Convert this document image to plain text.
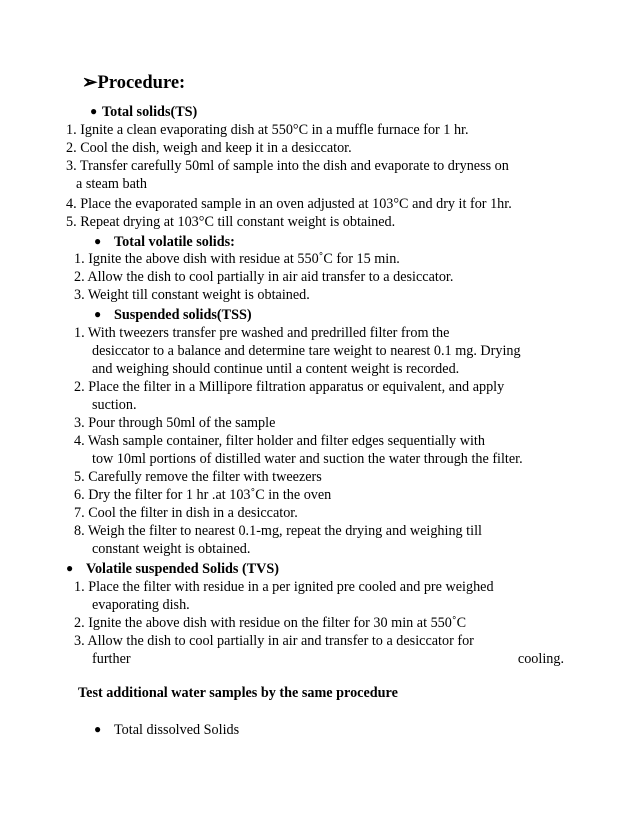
➢Procedure:
● Total solids(TS)
1. Ignite a clean evaporating dish at 550°C in a muffle furnace for 1 hr.
2. Cool the dish, weigh and keep it in a desiccator.
3. Transfer carefully 50ml of sample into the dish and evaporate to dryness on
a steam bath
4. Place the evaporated sample in an oven adjusted at 103°C and dry it for 1hr.
5. Repeat drying at 103°C till constant weight is obtained.
● Total volatile solids:
1. Ignite the above dish with residue at 550˚C for 15 min.
2. Allow the dish to cool partially in air aid transfer to a desiccator.
3. Weight till constant weight is obtained.
● Suspended solids(TSS)
1. With tweezers transfer pre washed and predrilled filter from the
desiccator to a balance and determine tare weight to nearest 0.1 mg. Drying
and weighing should continue until a content weight is recorded.
2. Place the filter in a Millipore filtration apparatus or equivalent, and apply
suction.
3. Pour through 50ml of the sample
4. Wash sample container, filter holder and filter edges sequentially with
tow 10ml portions of distilled water and suction the water through the filter.
5. Carefully remove the filter with tweezers
6. Dry the filter for 1 hr .at 103˚C in the oven
7. Cool the filter in dish in a desiccator.
8. Weigh the filter to nearest 0.1-mg, repeat the drying and weighing till
constant weight is obtained.
● Volatile suspended Solids (TVS)
1. Place the filter with residue in a per ignited pre cooled and pre weighed
evaporating dish.
2. Ignite the above dish with residue on the filter for 30 min at 550˚C
3. Allow the dish to cool partially in air and transfer to a desiccator for
further	cooling.
Test additional water samples by the same procedure
● Total dissolved Solids
